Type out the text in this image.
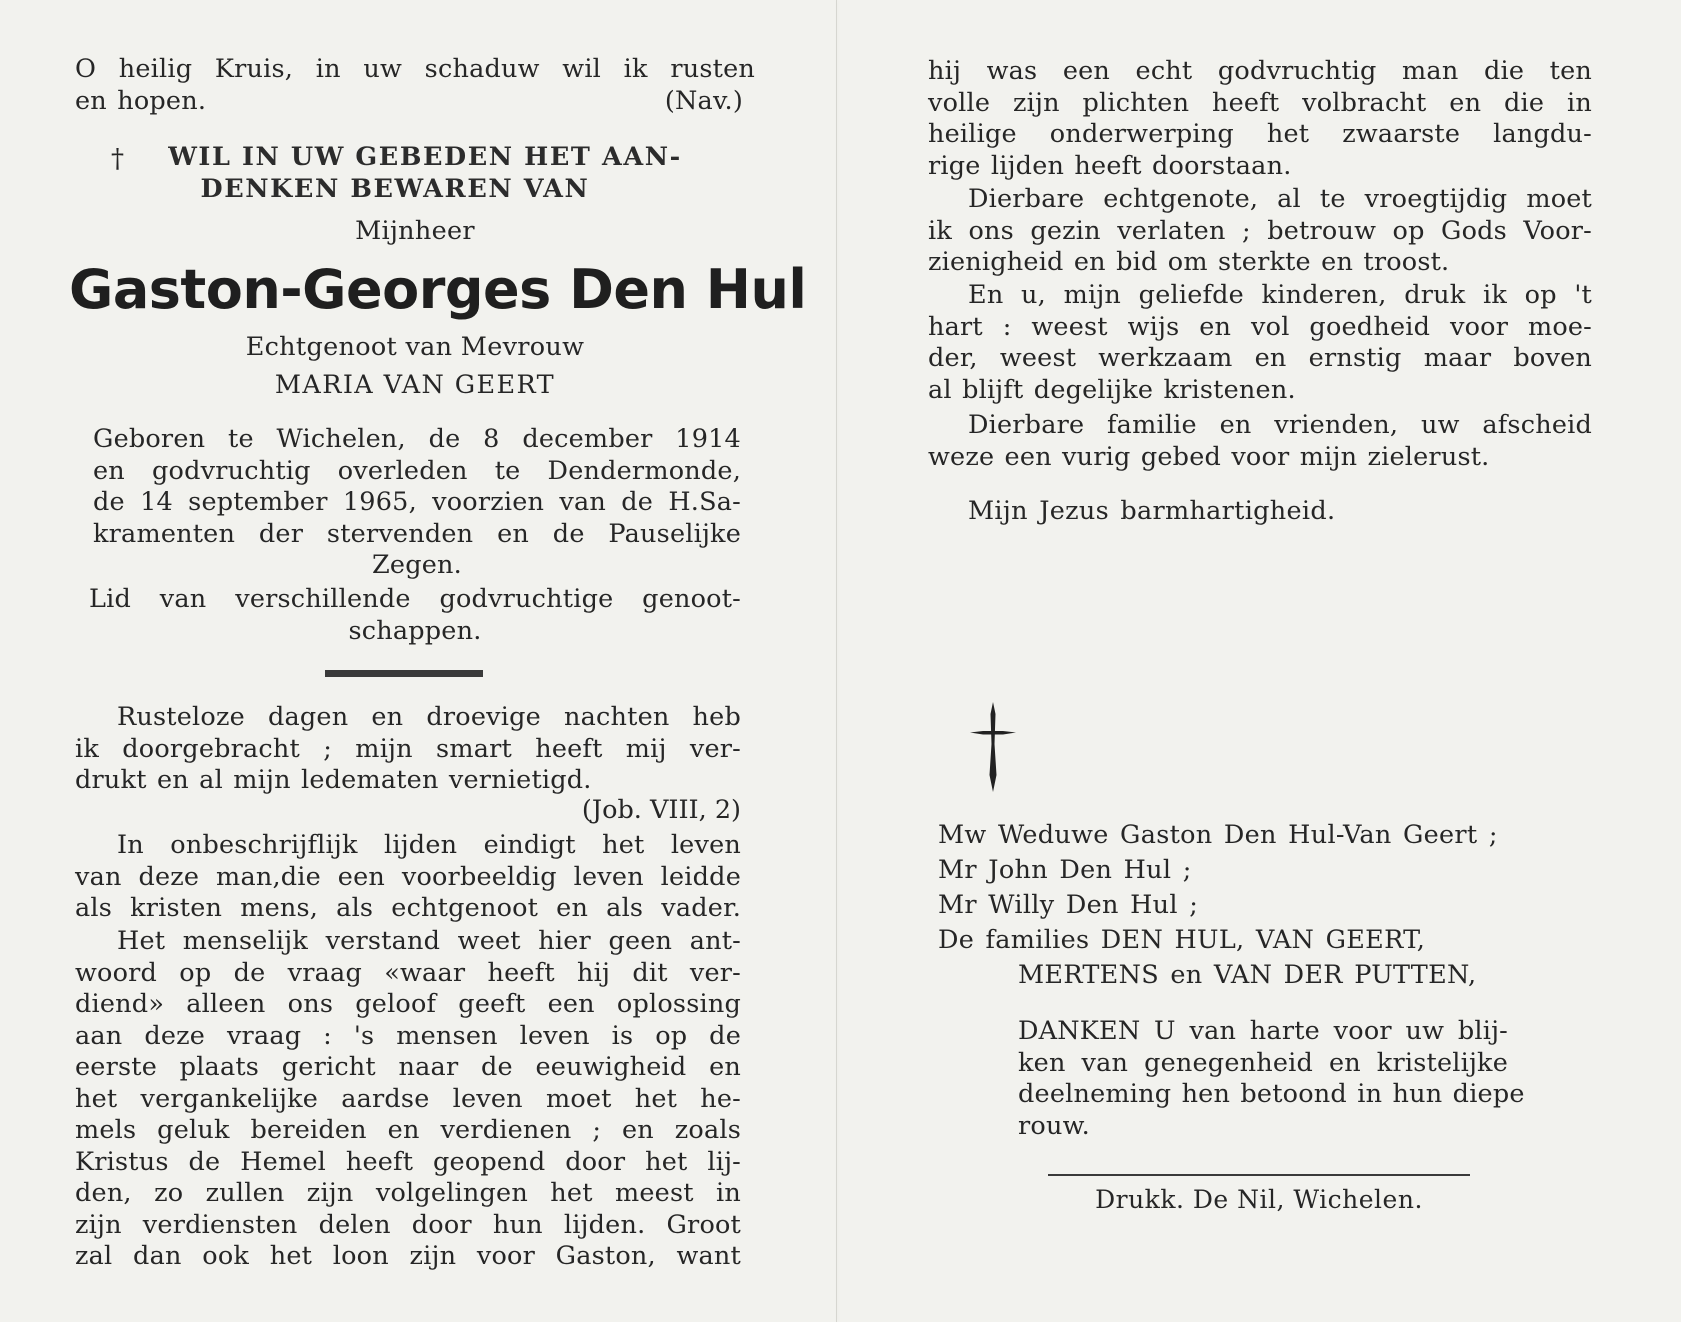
O heilig Kruis, in uw schaduw wil ik rusten
en hopen.	(Nav.)
†	WIL IN UW GEBEDEN HET AAN-
DENKEN BEWAREN VAN
Mijnheer
Gaston-Georges Den Hul
Echtgenoot van Mevrouw
MARIA VAN GEERT
Geboren te Wichelen, de 8 december 1914
en godvruchtig overleden te Dendermonde,
de 14 september 1965, voorzien van de H.Sa-
kramenten der stervenden en de Pauselijke
Zegen.
Lid van verschillende godvruchtige genoot-
schappen.
Rusteloze dagen en droevige nachten heb
ik doorgebracht ; mijn smart heeft mij ver-
drukt en al mijn ledematen vernietigd.
(Job. VIII, 2)
In onbeschrijflijk lijden eindigt het leven
van deze man,die een voorbeeldig leven leidde
als kristen mens, als echtgenoot en als vader.
Het menselijk verstand weet hier geen ant-
woord op de vraag «waar heeft hij dit ver-
diend» alleen ons geloof geeft een oplossing
aan deze vraag : 's mensen leven is op de
eerste plaats gericht naar de eeuwigheid en
het vergankelijke aardse leven moet het he-
mels geluk bereiden en verdienen ; en zoals
Kristus de Hemel heeft geopend door het lij-
den, zo zullen zijn volgelingen het meest in
zijn verdiensten delen door hun lijden. Groot
zal dan ook het loon zijn voor Gaston, want
hij was een echt godvruchtig man die ten
volle zijn plichten heeft volbracht en die in
heilige onderwerping het zwaarste langdu-
rige lijden heeft doorstaan.
Dierbare echtgenote, al te vroegtijdig moet
ik ons gezin verlaten ; betrouw op Gods Voor-
zienigheid en bid om sterkte en troost.
En u, mijn geliefde kinderen, druk ik op 't
hart : weest wijs en vol goedheid voor moe-
der, weest werkzaam en ernstig maar boven
al blijft degelijke kristenen.
Dierbare familie en vrienden, uw afscheid
weze een vurig gebed voor mijn zielerust.
Mijn Jezus barmhartigheid.
Mw Weduwe Gaston Den Hul-Van Geert ;
Mr John Den Hul ;
Mr Willy Den Hul ;
De families DEN HUL, VAN GEERT,
MERTENS en VAN DER PUTTEN,
DANKEN U van harte voor uw blij-
ken van genegenheid en kristelijke
deelneming hen betoond in hun diepe
rouw.
Drukk. De Nil, Wichelen.
